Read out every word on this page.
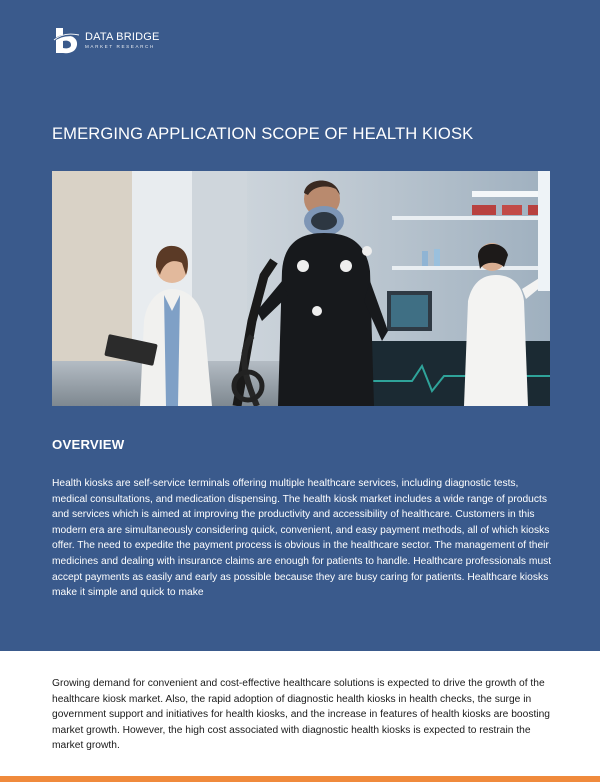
DATA BRIDGE
MARKET RESEARCH
EMERGING APPLICATION SCOPE OF HEALTH KIOSK
OVERVIEW

Health kiosks are self-service terminals offering multiple healthcare services, including diagnostic tests, medical consultations, and medication dispensing. The health kiosk market includes a wide range of products and services which is aimed at improving the productivity and accessibility of healthcare. Customers in this modern era are simultaneously considering quick, convenient, and easy payment methods, all of which kiosks offer. The need to expedite the payment process is obvious in the healthcare sector. The management of their medicines and dealing with insurance claims are enough for patients to handle. Healthcare professionals must accept payments as easily and early as possible because they are busy caring for patients. Healthcare kiosks make it simple and quick to make

Growing demand for convenient and cost-effective healthcare solutions is expected to drive the growth of the healthcare kiosk market. Also, the rapid adoption of diagnostic health kiosks in health checks, the surge in government support and initiatives for health kiosks, and the increase in features of health kiosks are boosting market growth. However, the high cost associated with diagnostic health kiosks is expected to restrain the market growth.
